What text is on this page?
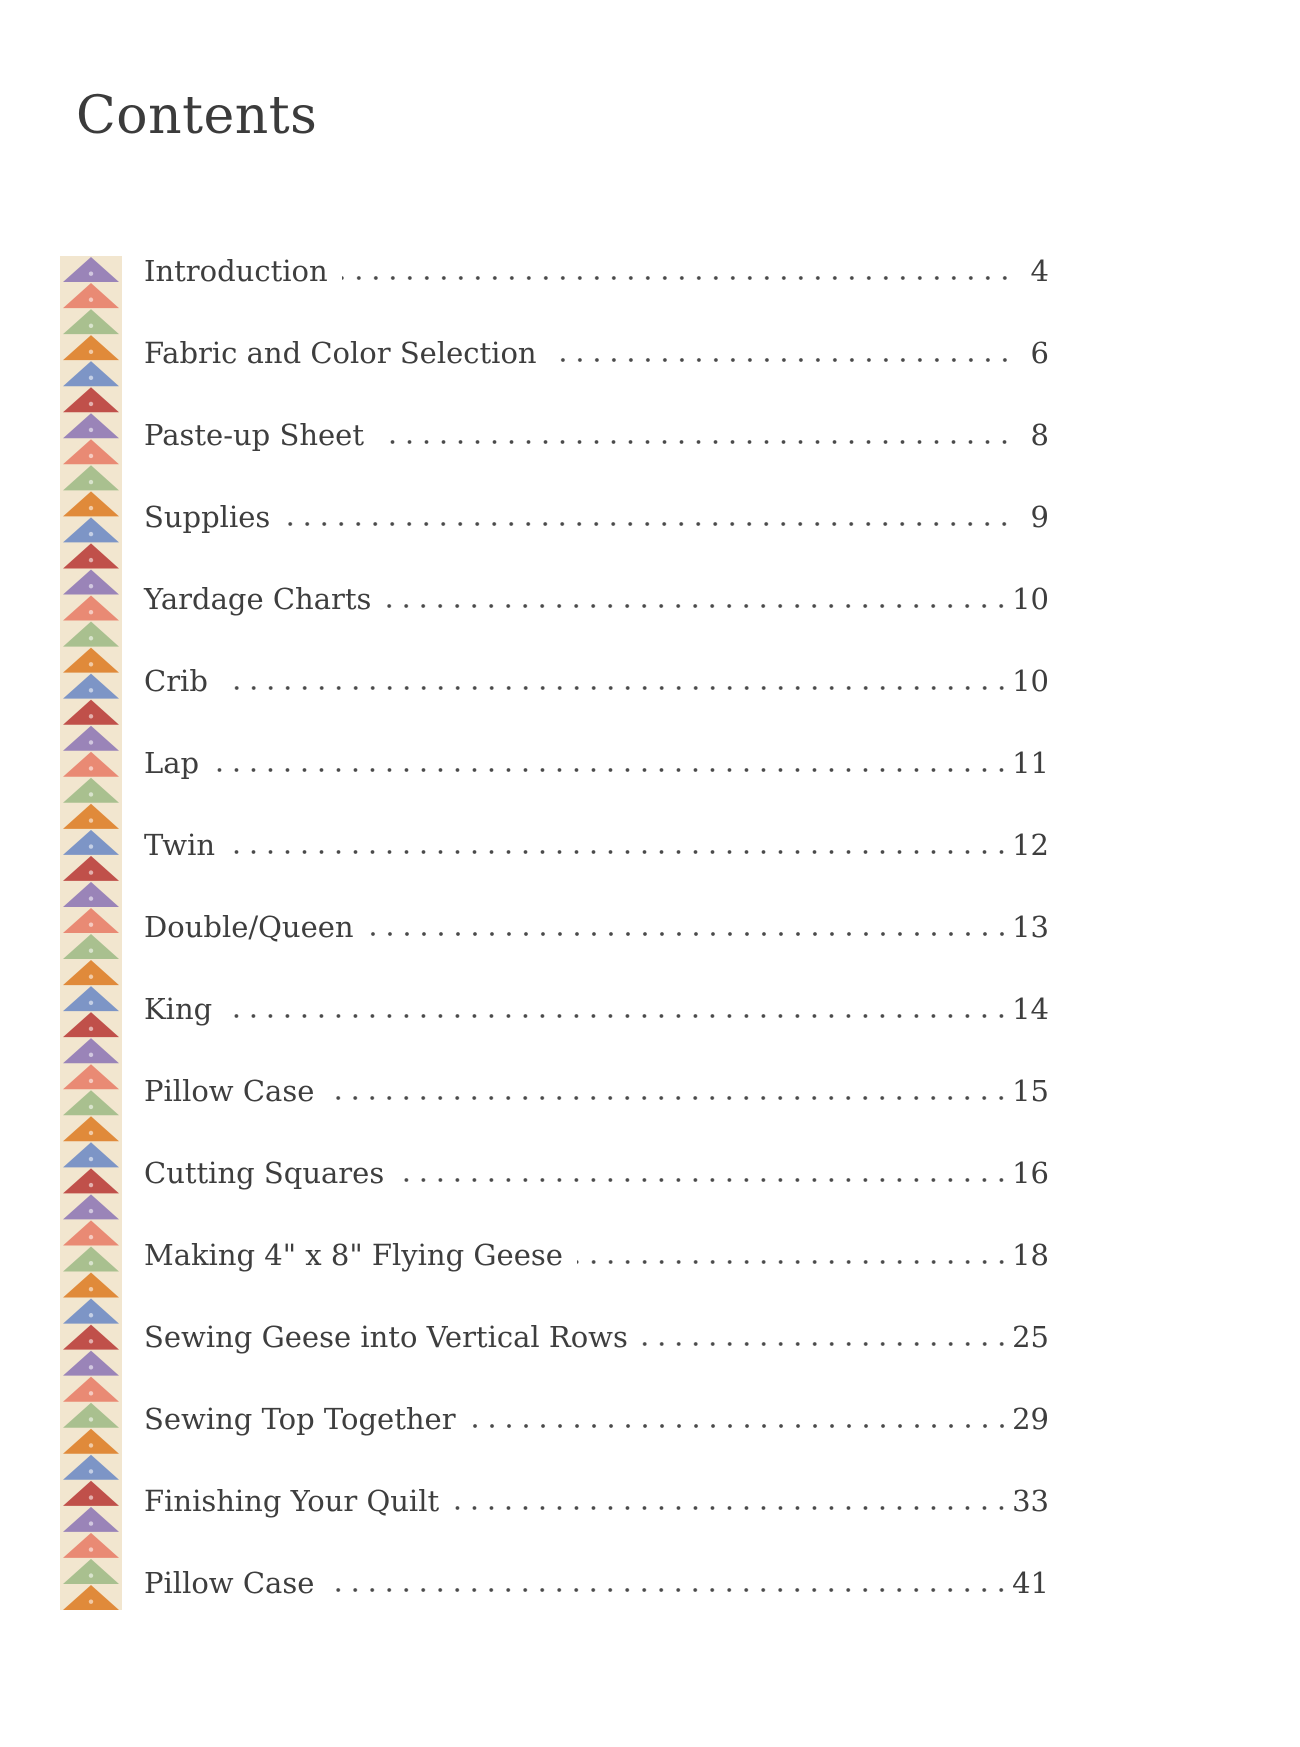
Contents
Introduction	4
Fabric and Color Selection	6
Paste-up Sheet	8
Supplies	9
Yardage Charts	10
Crib	10
Lap	11
Twin	12
Double/Queen	13
King	14
Pillow Case	15
Cutting Squares	16
Making 4" x 8" Flying Geese	18
Sewing Geese into Vertical Rows	25
Sewing Top Together	29
Finishing Your Quilt	33
Pillow Case	41
